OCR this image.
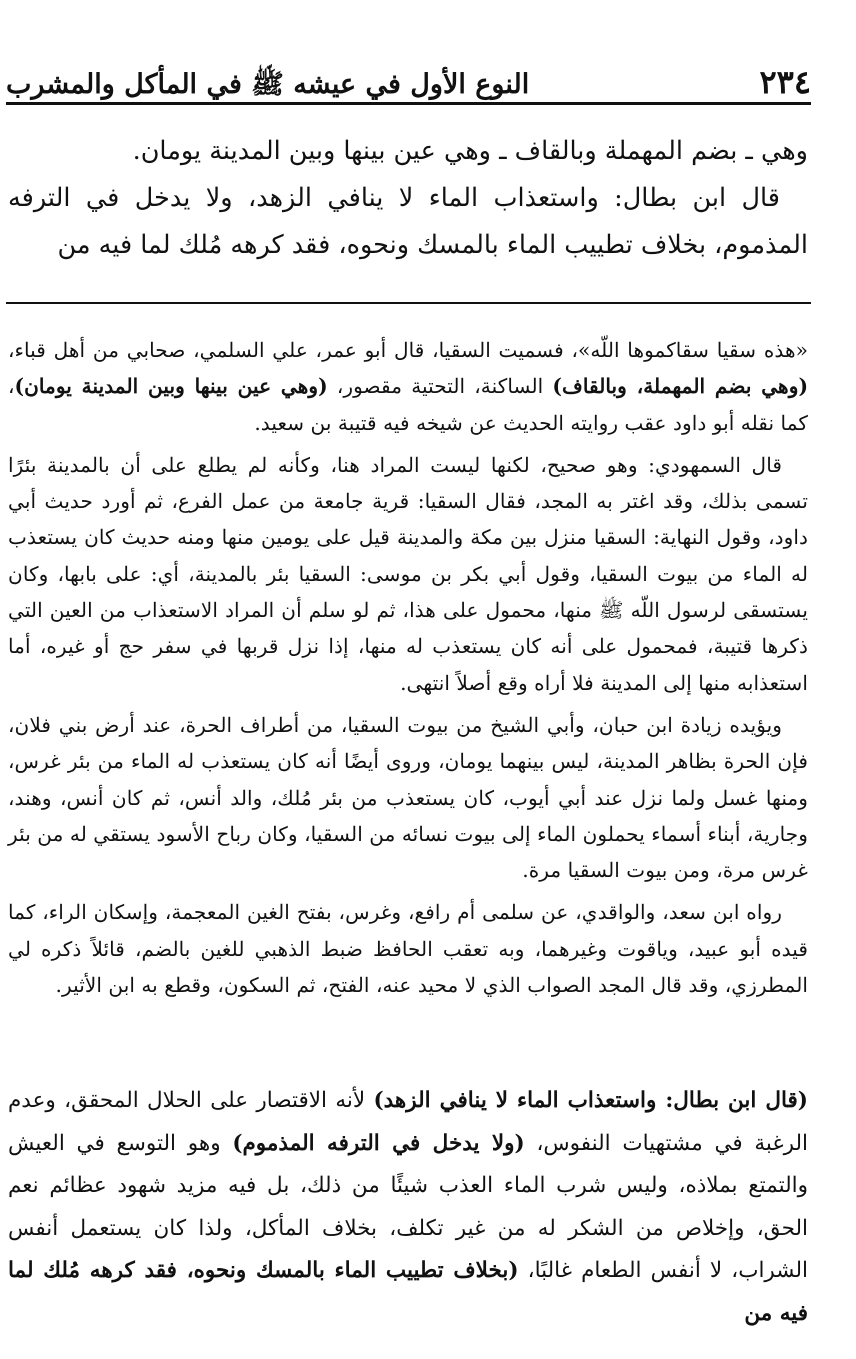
٢٣٤
النوع الأول في عيشه ﷺ في المأكل والمشرب

وهي ـ بضم المهملة وبالقاف ـ وهي عين بينها وبين المدينة يومان.

قال ابن بطال: واستعذاب الماء لا ينافي الزهد، ولا يدخل في الترفه المذموم، بخلاف تطييب الماء بالمسك ونحوه، فقد كرهه مُلك لما فيه من

«هذه سقيا سقاكموها اللّه»، فسميت السقيا، قال أبو عمر، علي السلمي، صحابي من أهل قباء، (وهي بضم المهملة، وبالقاف) الساكنة، التحتية مقصور، (وهي عين بينها وبين المدينة يومان)، كما نقله أبو داود عقب روايته الحديث عن شيخه فيه قتيبة بن سعيد.

قال السمهودي: وهو صحيح، لكنها ليست المراد هنا، وكأنه لم يطلع على أن بالمدينة بئرًا تسمى بذلك، وقد اغتر به المجد، فقال السقيا: قرية جامعة من عمل الفرع، ثم أورد حديث أبي داود، وقول النهاية: السقيا منزل بين مكة والمدينة قيل على يومين منها ومنه حديث كان يستعذب له الماء من بيوت السقيا، وقول أبي بكر بن موسى: السقيا بئر بالمدينة، أي: على بابها، وكان يستسقى لرسول اللّه ﷺ منها، محمول على هذا، ثم لو سلم أن المراد الاستعذاب من العين التي ذكرها قتيبة، فمحمول على أنه كان يستعذب له منها، إذا نزل قربها في سفر حج أو غيره، أما استعذابه منها إلى المدينة فلا أراه وقع أصلاً انتهى.

ويؤيده زيادة ابن حبان، وأبي الشيخ من بيوت السقيا، من أطراف الحرة، عند أرض بني فلان، فإن الحرة بظاهر المدينة، ليس بينهما يومان، وروى أيضًا أنه كان يستعذب له الماء من بئر غرس، ومنها غسل ولما نزل عند أبي أيوب، كان يستعذب من بئر مُلك، والد أنس، ثم كان أنس، وهند، وجارية، أبناء أسماء يحملون الماء إلى بيوت نسائه من السقيا، وكان رباح الأسود يستقي له من بئر غرس مرة، ومن بيوت السقيا مرة.

رواه ابن سعد، والواقدي، عن سلمى أم رافع، وغرس، بفتح الغين المعجمة، وإسكان الراء، كما قيده أبو عبيد، وياقوت وغيرهما، وبه تعقب الحافظ ضبط الذهبي للغين بالضم، قائلاً ذكره لي المطرزي، وقد قال المجد الصواب الذي لا محيد عنه، الفتح، ثم السكون، وقطع به ابن الأثير.

(قال ابن بطال: واستعذاب الماء لا ينافي الزهد) لأنه الاقتصار على الحلال المحقق، وعدم الرغبة في مشتهيات النفوس، (ولا يدخل في الترفه المذموم) وهو التوسع في العيش والتمتع بملاذه، وليس شرب الماء العذب شيئًا من ذلك، بل فيه مزيد شهود عظائم نعم الحق، وإخلاص من الشكر له من غير تكلف، بخلاف المأكل، ولذا كان يستعمل أنفس الشراب، لا أنفس الطعام غالبًا، (بخلاف تطييب الماء بالمسك ونحوه، فقد كرهه مُلك لما فيه من
